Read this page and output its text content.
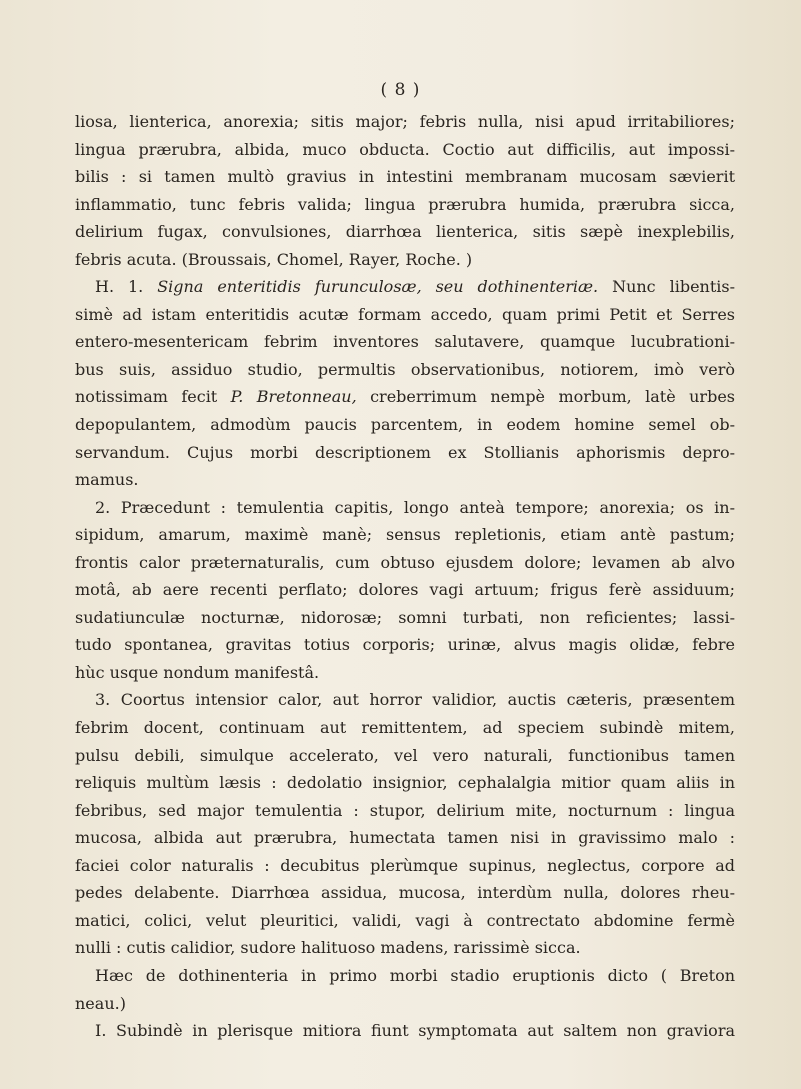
( 8 )
liosa, lienterica, anorexia; sitis major; febris nulla, nisi apud irritabiliores;
lingua prærubra, albida, muco obducta. Coctio aut difficilis, aut impossi-
bilis : si tamen multò gravius in intestini membranam mucosam sævierit
inflammatio, tunc febris valida; lingua prærubra humida, prærubra sicca,
delirium fugax, convulsiones, diarrhœa lienterica, sitis sæpè inexplebilis,
febris acuta. (Broussais, Chomel, Rayer, Roche. )
H. 1. Signa enteritidis furunculosæ, seu dothinenteriæ. Nunc libentis-
simè ad istam enteritidis acutæ formam accedo, quam primi Petit et Serres
entero-mesentericam febrim inventores salutavere, quamque lucubrationi-
bus suis, assiduo studio, permultis observationibus, notiorem, imò verò
notissimam fecit P. Bretonneau, creberrimum nempè morbum, latè urbes
depopulantem, admodùm paucis parcentem, in eodem homine semel ob-
servandum. Cujus morbi descriptionem ex Stollianis aphorismis depro-
mamus.
2. Præcedunt : temulentia capitis, longo anteà tempore; anorexia; os in-
sipidum, amarum, maximè manè; sensus repletionis, etiam antè pastum;
frontis calor præternaturalis, cum obtuso ejusdem dolore; levamen ab alvo
motâ, ab aere recenti perflato; dolores vagi artuum; frigus ferè assiduum;
sudatiunculæ nocturnæ, nidorosæ; somni turbati, non reficientes; lassi-
tudo spontanea, gravitas totius corporis; urinæ, alvus magis olidæ, febre
hùc usque nondum manifestâ.
3. Coortus intensior calor, aut horror validior, auctis cæteris, præsentem
febrim docent, continuam aut remittentem, ad speciem subindè mitem,
pulsu debili, simulque accelerato, vel vero naturali, functionibus tamen
reliquis multùm læsis : dedolatio insignior, cephalalgia mitior quam aliis in
febribus, sed major temulentia : stupor, delirium mite, nocturnum : lingua
mucosa, albida aut prærubra, humectata tamen nisi in gravissimo malo :
faciei color naturalis : decubitus plerùmque supinus, neglectus, corpore ad
pedes delabente. Diarrhœa assidua, mucosa, interdùm nulla, dolores rheu-
matici, colici, velut pleuritici, validi, vagi à contrectato abdomine fermè
nulli : cutis calidior, sudore halituoso madens, rarissimè sicca.
Hæc de dothinenteria in primo morbi stadio eruptionis dicto ( Breton
neau.)
I. Subindè in plerisque mitiora fiunt symptomata aut saltem non graviora
